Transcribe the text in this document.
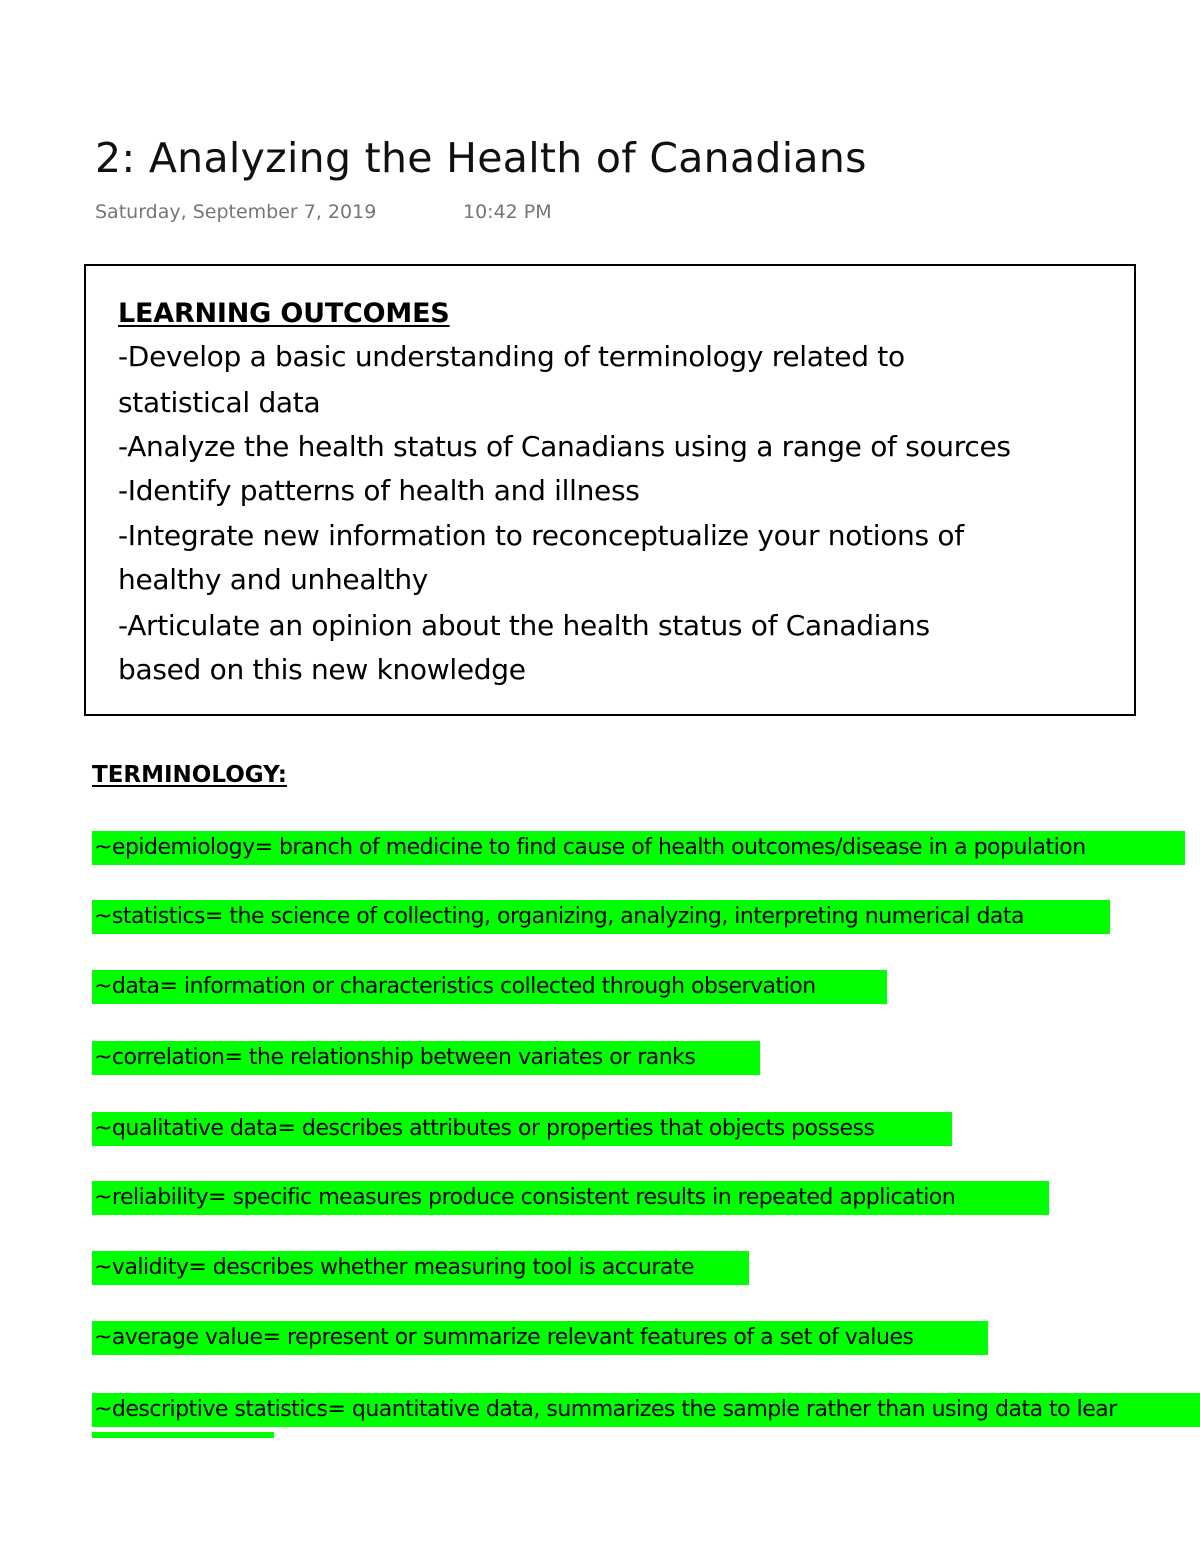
2: Analyzing the Health of Canadians
Saturday, September 7, 2019	10:42 PM
LEARNING OUTCOMES
-Develop a basic understanding of terminology related to
statistical data
-Analyze the health status of Canadians using a range of sources
-Identify patterns of health and illness
-Integrate new information to reconceptualize your notions of
healthy and unhealthy
-Articulate an opinion about the health status of Canadians
based on this new knowledge
TERMINOLOGY:
~epidemiology= branch of medicine to find cause of health outcomes/disease in a population
~statistics= the science of collecting, organizing, analyzing, interpreting numerical data
~data= information or characteristics collected through observation
~correlation= the relationship between variates or ranks
~qualitative data= describes attributes or properties that objects possess
~reliability= specific measures produce consistent results in repeated application
~validity= describes whether measuring tool is accurate
~average value= represent or summarize relevant features of a set of values
~descriptive statistics= quantitative data, summarizes the sample rather than using data to lear
